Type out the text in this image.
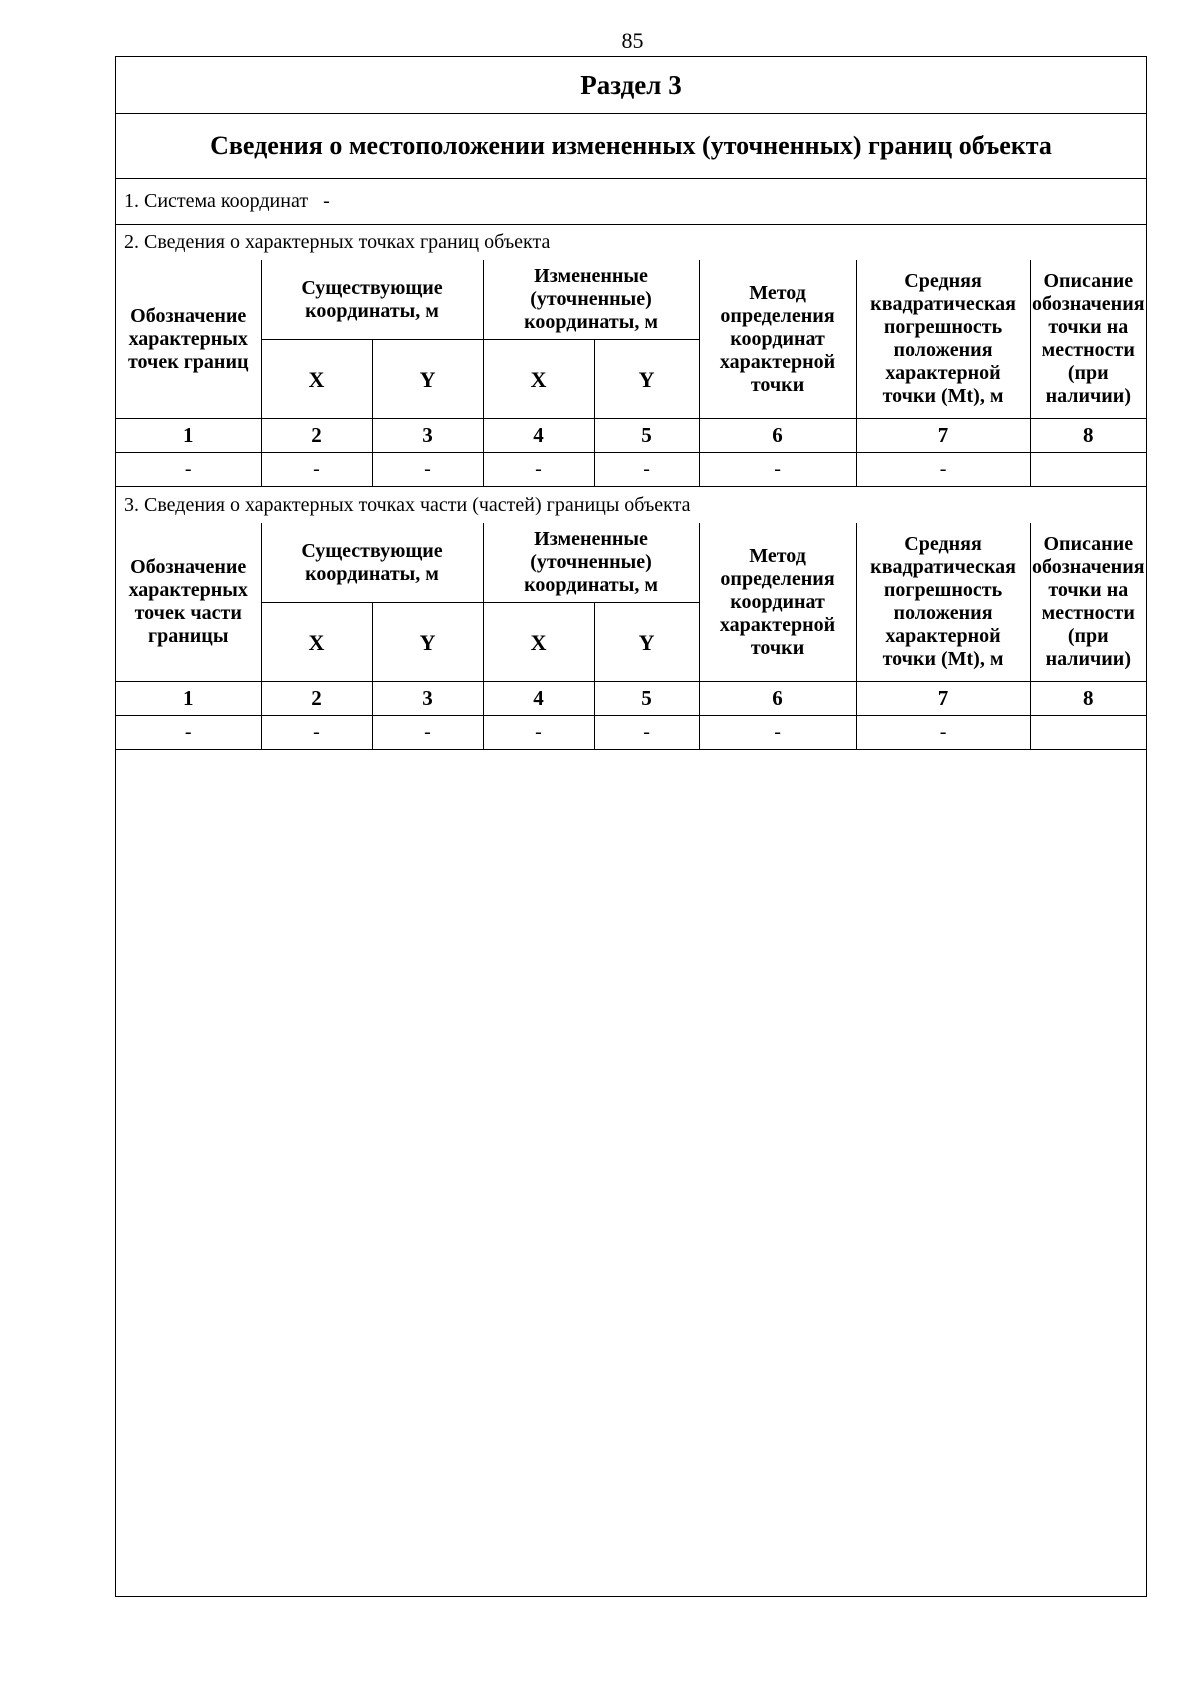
85
Раздел 3
Сведения о местоположении измененных (уточненных) границ объекта
1. Система координат -
2. Сведения о характерных точках границ объекта
Обозначение характерных точек границ	Существующие координаты, м		Измененные (уточненные) координаты, м		Метод определения координат характерной точки	Средняя квадратическая погрешность положения характерной точки (Mt), м	Описание обозначения точки на местности (при наличии)
	X	Y	X	Y			
1	2	3	4	5	6	7	8
-	-	-	-	-	-	-	
3. Сведения о характерных точках части (частей) границы объекта
Обозначение характерных точек части границы	Существующие координаты, м		Измененные (уточненные) координаты, м		Метод определения координат характерной точки	Средняя квадратическая погрешность положения характерной точки (Mt), м	Описание обозначения точки на местности (при наличии)
	X	Y	X	Y			
1	2	3	4	5	6	7	8
-	-	-	-	-	-	-	
